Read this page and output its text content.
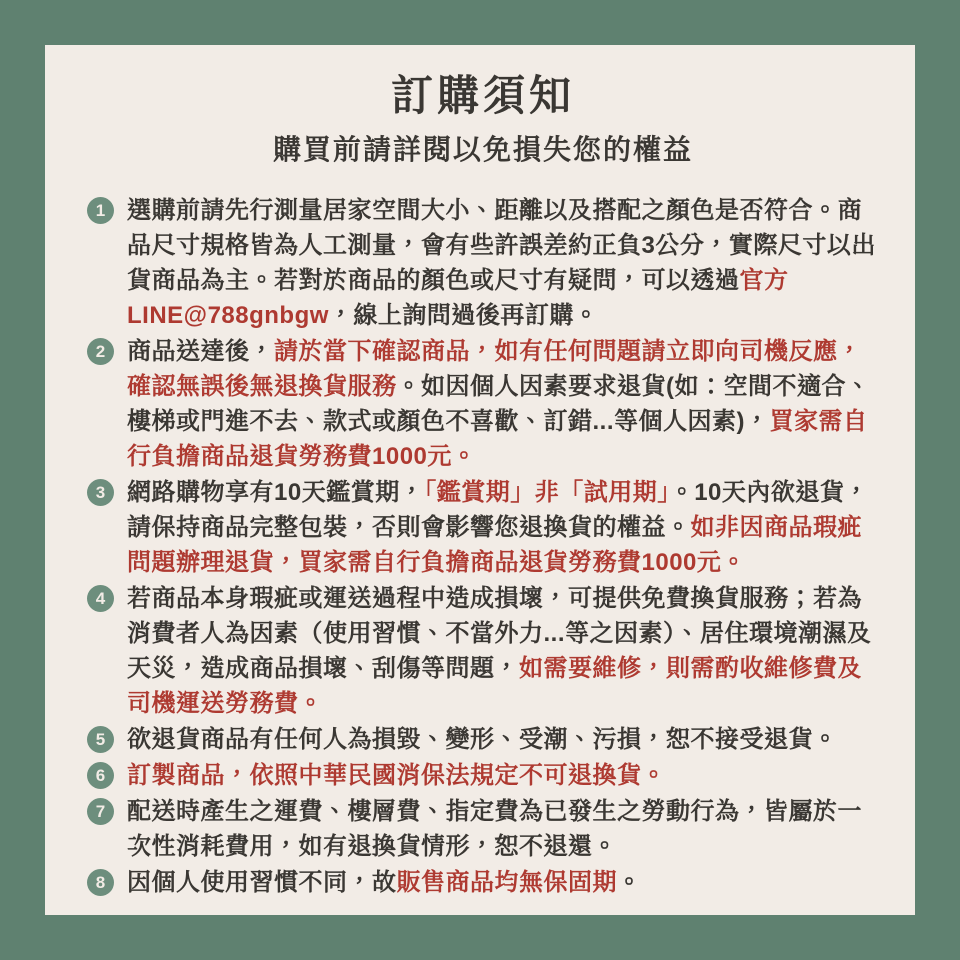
訂購須知
購買前請詳閱以免損失您的權益
1 選購前請先行測量居家空間大小、距離以及搭配之顏色是否符合。商品尺寸規格皆為人工測量，會有些許誤差約正負3公分，實際尺寸以出貨商品為主。若對於商品的顏色或尺寸有疑問，可以透過官方LINE@788gnbgw，線上詢問過後再訂購。

2 商品送達後，請於當下確認商品，如有任何問題請立即向司機反應，確認無誤後無退換貨服務。如因個人因素要求退貨(如：空間不適合、樓梯或門進不去、款式或顏色不喜歡、訂錯...等個人因素)，買家需自行負擔商品退貨勞務費1000元。

3 網路購物享有10天鑑賞期，「鑑賞期」非「試用期」。10天內欲退貨，請保持商品完整包裝，否則會影響您退換貨的權益。如非因商品瑕疵問題辦理退貨，買家需自行負擔商品退貨勞務費1000元。

4 若商品本身瑕疵或運送過程中造成損壞，可提供免費換貨服務；若為消費者人為因素（使用習慣、不當外力...等之因素）、居住環境潮濕及天災，造成商品損壞、刮傷等問題，如需要維修，則需酌收維修費及司機運送勞務費。

5 欲退貨商品有任何人為損毀、變形、受潮、污損，恕不接受退貨。

6 訂製商品，依照中華民國消保法規定不可退換貨。

7 配送時產生之運費、樓層費、指定費為已發生之勞動行為，皆屬於一次性消耗費用，如有退換貨情形，恕不退還。

8 因個人使用習慣不同，故販售商品均無保固期。
